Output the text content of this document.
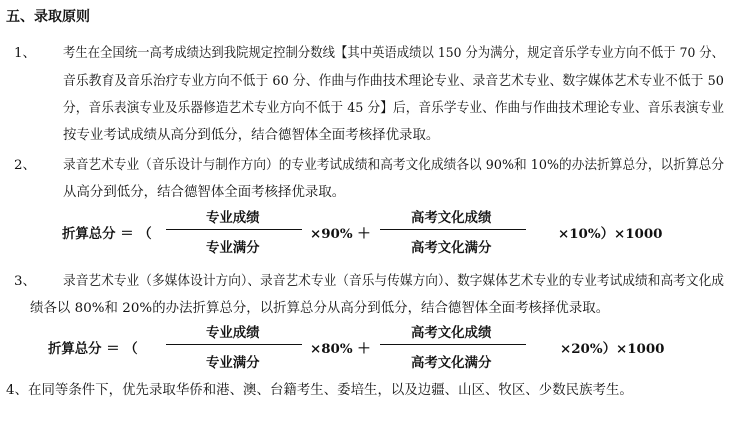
五、录取原则
1、 考生在全国统一高考成绩达到我院规定控制分数线【其中英语成绩以 150 分为满分，规定音乐学专业方向不低于 70 分、
音乐教育及音乐治疗专业方向不低于 60 分、作曲与作曲技术理论专业、录音艺术专业、数字媒体艺术专业不低于 50
分，音乐表演专业及乐器修造艺术专业方向不低于 45 分】后，音乐学专业、作曲与作曲技术理论专业、音乐表演专业
按专业考试成绩从高分到低分，结合德智体全面考核择优录取。
2、 录音艺术专业（音乐设计与制作方向）的专业考试成绩和高考文化成绩各以 90%和 10%的办法折算总分，以折算总分
从高分到低分，结合德智体全面考核择优录取。
折算总分 ＝ （
专业成绩
专业满分
×90% ＋
高考文化成绩
高考文化满分
×10%）×1000
3、 录音艺术专业（多媒体设计方向）、录音艺术专业（音乐与传媒方向）、数字媒体艺术专业的专业考试成绩和高考文化成
绩各以 80%和 20%的办法折算总分，以折算总分从高分到低分，结合德智体全面考核择优录取。
折算总分 ＝ （
专业成绩
专业满分
×80% ＋
高考文化成绩
高考文化满分
×20%）×1000
4、在同等条件下，优先录取华侨和港、澳、台籍考生、委培生，以及边疆、山区、牧区、少数民族考生。
